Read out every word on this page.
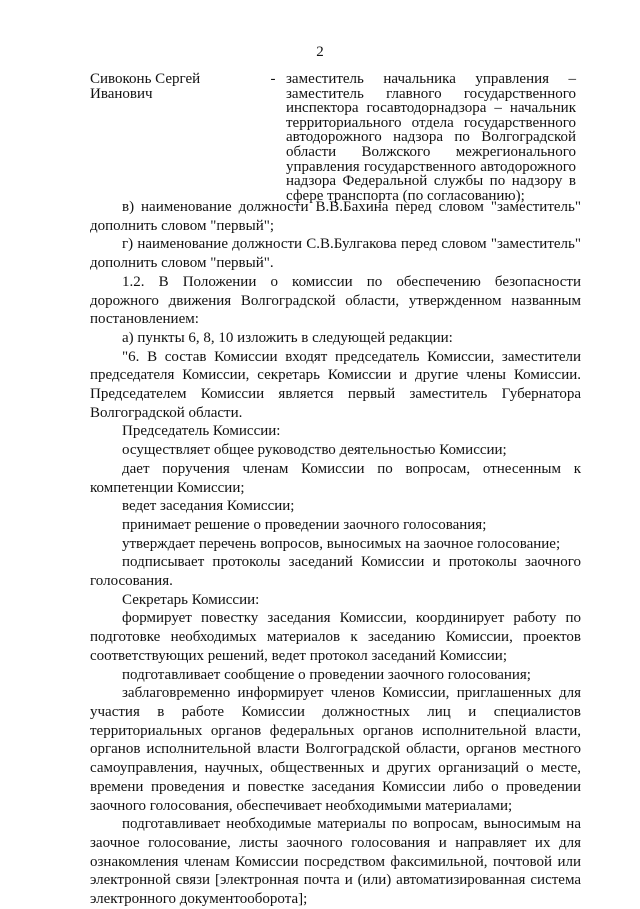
2
Сивоконь Сергей Иванович
- заместитель начальника управления – заместитель главного государственного инспектора госавтодорнадзора – начальник территориального отдела государственного автодорожного надзора по Волгоградской области Волжского межрегионального управления государственного автодорожного надзора Федеральной службы по надзору в сфере транспорта (по согласованию);

в) наименование должности В.В.Бахина перед словом "заместитель" дополнить словом "первый";

г) наименование должности С.В.Булгакова перед словом "заместитель" дополнить словом "первый".

1.2. В Положении о комиссии по обеспечению безопасности дорожного движения Волгоградской области, утвержденном названным постановлением:

а) пункты 6, 8, 10 изложить в следующей редакции:

"6. В состав Комиссии входят председатель Комиссии, заместители председателя Комиссии, секретарь Комиссии и другие члены Комиссии. Председателем Комиссии является первый заместитель Губернатора Волгоградской области.

Председатель Комиссии:

осуществляет общее руководство деятельностью Комиссии;

дает поручения членам Комиссии по вопросам, отнесенным к компетенции Комиссии;

ведет заседания Комиссии;

принимает решение о проведении заочного голосования;

утверждает перечень вопросов, выносимых на заочное голосование;

подписывает протоколы заседаний Комиссии и протоколы заочного голосования.

Секретарь Комиссии:

формирует повестку заседания Комиссии, координирует работу по подготовке необходимых материалов к заседанию Комиссии, проектов соответствующих решений, ведет протокол заседаний Комиссии;

подготавливает сообщение о проведении заочного голосования;

заблаговременно информирует членов Комиссии, приглашенных для участия в работе Комиссии должностных лиц и специалистов территориальных органов федеральных органов исполнительной власти, органов исполнительной власти Волгоградской области, органов местного самоуправления, научных, общественных и других организаций о месте, времени проведения и повестке заседания Комиссии либо о проведении заочного голосования, обеспечивает необходимыми материалами;

подготавливает необходимые материалы по вопросам, выносимым на заочное голосование, листы заочного голосования и направляет их для ознакомления членам Комиссии посредством факсимильной, почтовой или электронной связи [электронная почта и (или) автоматизированная система электронного документооборота];
